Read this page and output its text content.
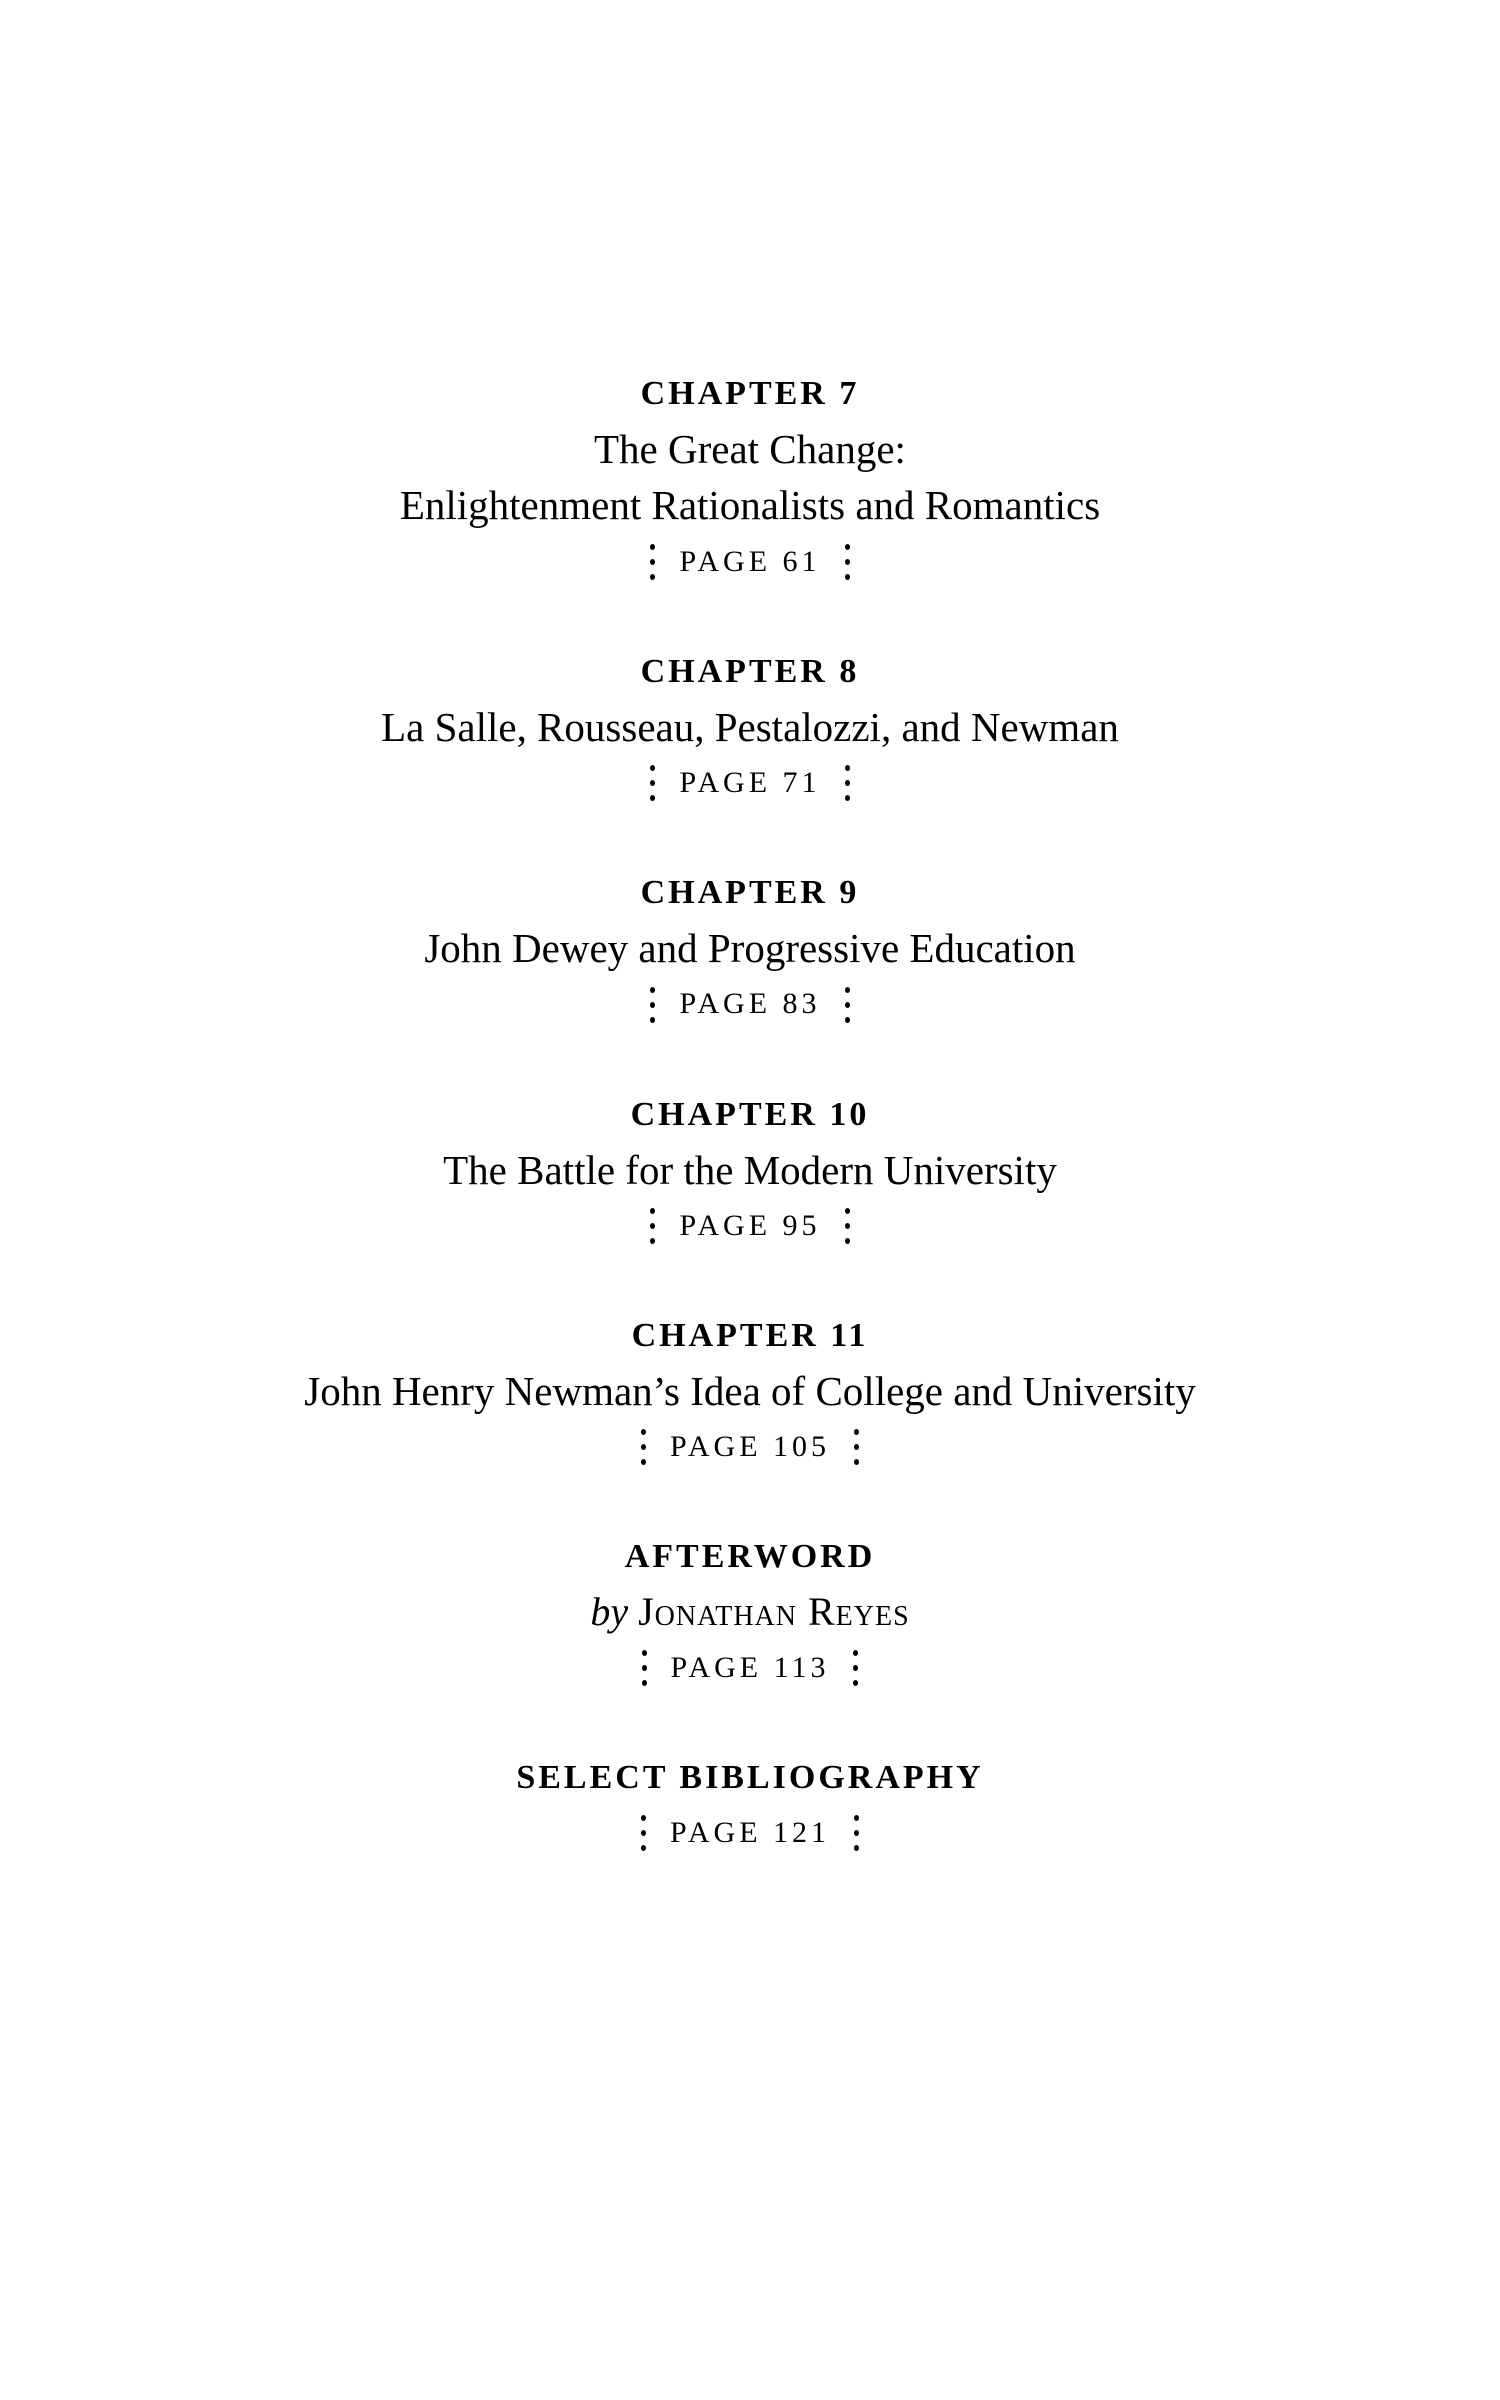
CHAPTER 7
The Great Change:
Enlightenment Rationalists and Romantics
PAGE 61
CHAPTER 8
La Salle, Rousseau, Pestalozzi, and Newman
PAGE 71
CHAPTER 9
John Dewey and Progressive Education
PAGE 83
CHAPTER 10
The Battle for the Modern University
PAGE 95
CHAPTER 11
John Henry Newman’s Idea of College and University
PAGE 105
AFTERWORD
by Jonathan Reyes
PAGE 113
SELECT BIBLIOGRAPHY
PAGE 121
